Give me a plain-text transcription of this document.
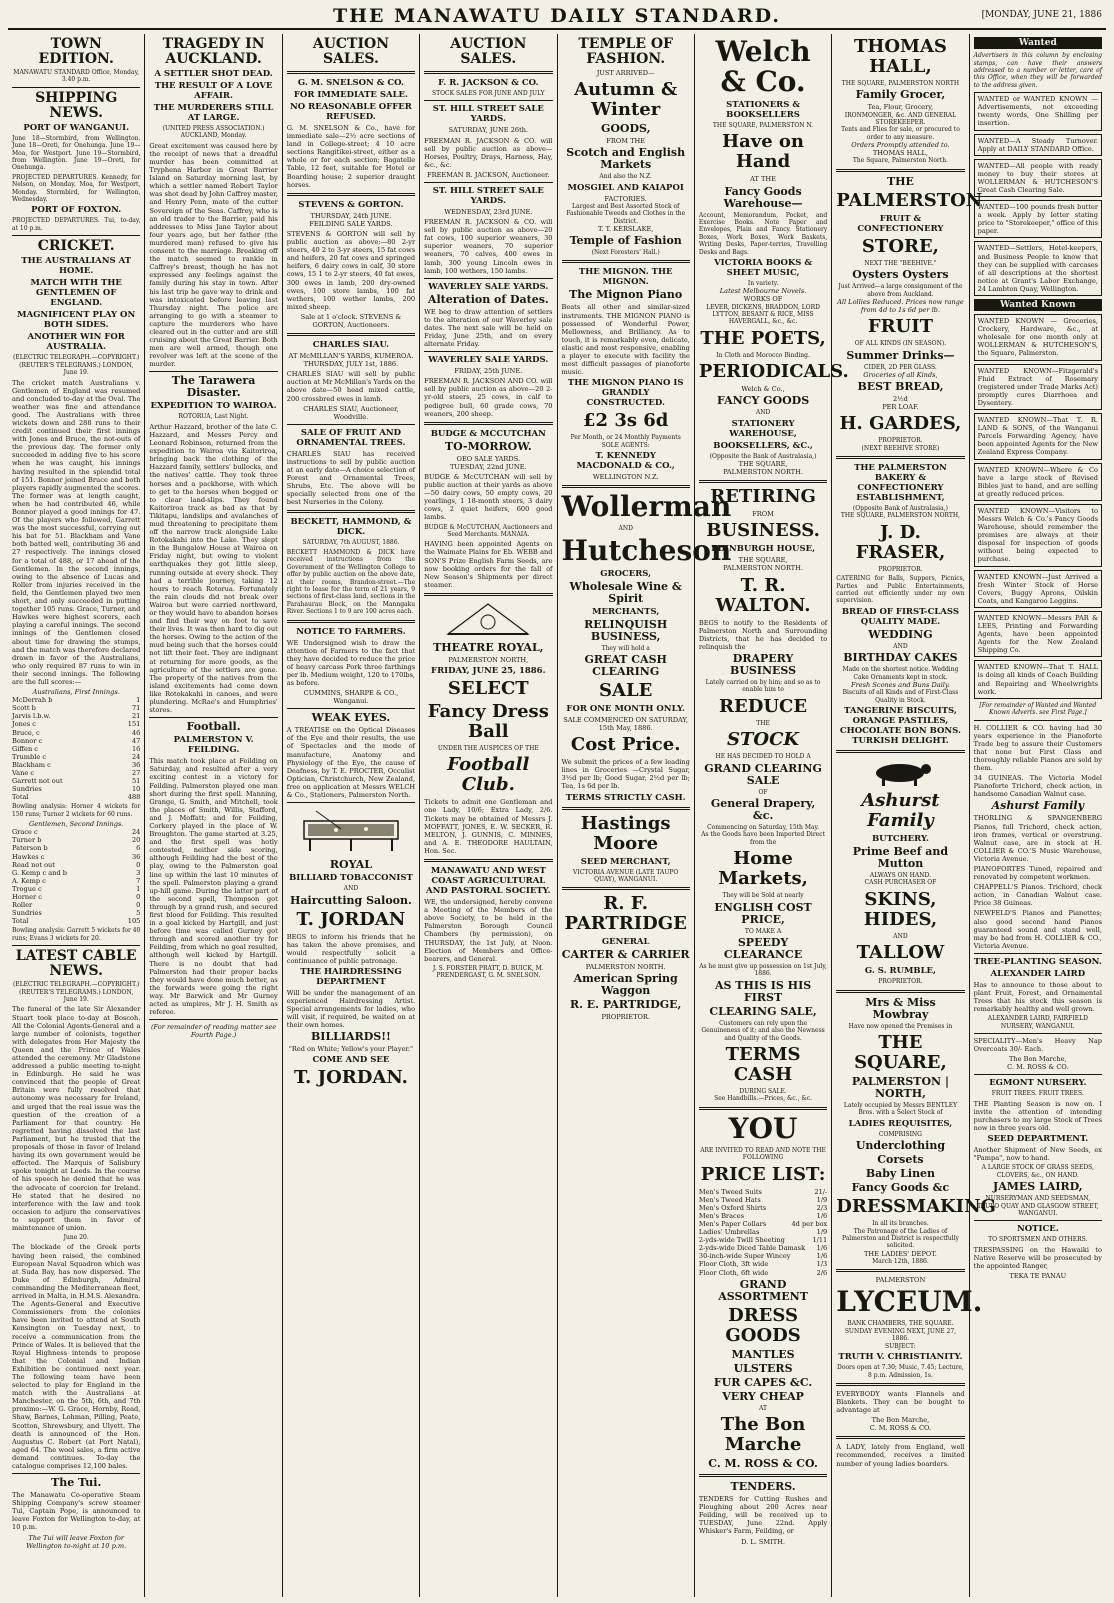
THE MANAWATU DAILY STANDARD.	[MONDAY, JUNE 21, 1886
TOWN EDITION.
MANAWATU STANDARD Office, Monday, 3.40 p.m.
SHIPPING NEWS.
PORT OF WANGANUI.
June 18—Stormbird, from Wellington. June 18—Oreti, for Onehunga. June 19—Moa, for Westport. June 19—Stormbird, from Wellington. June 19—Oreti, for Onehunga.
PROJECTED DEPARTURES. Kennedy, for Nelson, on Monday. Moa, for Westport, Monday. Stormbird, for Wellington, Wednesday.
PORT OF FOXTON.
PROJECTED DEPARTURES. Tui, to-day, at 10 p.m.
CRICKET.
THE AUSTRALIANS AT HOME.
MATCH WITH THE GENTLEMEN OF ENGLAND.
MAGNIFICENT PLAY ON BOTH SIDES.
ANOTHER WIN FOR AUSTRALIA.
(ELECTRIC TELEGRAPH.—COPYRIGHT.) (REUTER'S TELEGRAMS.) LONDON, June 19.
The cricket match Australians v. Gentlemen of England was resumed and concluded to-day at the Oval. The weather was fine and attendance good. The Australians with three wickets down and 288 runs to their credit continued their first innings with Jones and Bruce, the not-outs of the previous day. The former only succeeded in adding five to his score when he was caught, his innings having resulted in the splendid total of 151. Bonnor joined Bruce and both players rapidly augmented the scores. The former was at length caught, when he had contributed 46, while Bonnor played a good innings for 47. Of the players who followed, Garrett was the most successful, carrying out his bat for 51. Blackham and Vane both batted well, contributing 36 and 27 respectively. The innings closed for a total of 488, or 17 ahead of the Gentlemen. In the second innings, owing to the absence of Lucas and Roller from injuries received in the field, the Gentlemen played two men short, and only succeeded in putting together 105 runs. Grace, Turner, and Hawkes were highest scorers, each playing a careful innings. The second innings of the Gentlemen closed about time for drawing the stumps, and the match was therefore declared drawn in favor of the Australians, who only required 87 runs to win in their second innings. The following are the full scores:—
Australians, First Innings.
McDerrah b	1
Scott b	71
Jarvis l.b.w.	21
Jones c	151
Bruce, c	46
Bonnor c	47
Giffen c	16
Trumble c	24
Blackham c	36
Vane c	27
Garrett not out	51
Sundries	10
Total	488
Bowling analysis: Horner 4 wickets for 150 runs; Turner 2 wickets for 60 runs.
Gentlemen, Second Innings.
Grace c	24
Turner b	20
Paterson b	6
Hawkes c	36
Read not out	0
G. Kemp c and b	3
A. Kemp c	7
Trogue c	1
Horner c	0
Roller	0
Sundries	5
Total	105
Bowling analysis: Garrett 5 wickets for 40 runs; Evans 3 wickets for 20.
LATEST CABLE NEWS.
(ELECTRIC TELEGRAPH.—COPYRIGHT.) (REUTER'S TELEGRAMS.) LONDON, June 19.
The funeral of the late Sir Alexander Stuart took place to-day at Boscoh. All the Colonial Agents-General and a large number of colonists, together with delegates from Her Majesty the Queen and the Prince of Wales attended the ceremony. Mr Gladstone addressed a public meeting to-night in Edinburgh. He said he was convinced that the people of Great Britain were fully resolved that autonomy was necessary for Ireland, and urged that the real issue was the question of the creation of a Parliament for that country. He regretted having dissolved the last Parliament, but he trusted that the proposals of those in favor of Ireland having its own government would be effected. The Marquis of Salisbury spoke tonight at Leeds. In the course of his speech he denied that he was the advocate of coercion for Ireland. He stated that he desired no interference with the law and took occasion to adjure the conservatives to support them in favor of maintenance of union.
June 20.
The blockade of the Greek ports having been raised, the combined European Naval Squadron which was at Suda Bay, has now dispersed. The Duke of Edinburgh, Admiral commanding the Mediterranean fleet, arrived in Malta, in H.M.S. Alexandra. The Agents-General and Executive Commissioners from the colonies have been invited to attend at South Kensington on Tuesday next, to receive a communication from the Prince of Wales. It is believed that the Royal Highness intends to propose that the Colonial and Indian Exhibition be continued next year. The following team have been selected to play for England in the match with the Australians at Manchester, on the 5th, 6th, and 7th proximo:—W. G. Grace, Hornby, Read, Shaw, Barnes, Lohman, Pilling, Peate, Scotton, Shrewsbury, and Ulyett. The death is announced of the Hon. Augustus C. Robert (at Port Natal), aged 64. The wool sales, a firm active demand continues. To-day the catalogue comprises 12,100 bales.
The Tui.
The Manawatu Co-operative Steam Shipping Company's screw steamer Tui, Captain Pope, is announced to leave Foxton for Wellington to-day, at 10 p.m.
The Tui will leave Foxton for Wellington to-night at 10 p.m.
TRAGEDY IN AUCKLAND.
A SETTLER SHOT DEAD.
THE RESULT OF A LOVE AFFAIR.
THE MURDERERS STILL AT LARGE.
(UNITED PRESS ASSOCIATION.) AUCKLAND, Monday.
Great excitement was caused here by the receipt of news that a dreadful murder has been committed at Tryphena Harbor in Great Barrier Island on Saturday morning last, by which a settler named Robert Taylor was shot dead by John Caffrey master, and Henry Penn, mate of the cutter Sovereign of the Seas. Caffrey, who is an old trader to the Barrier, paid his addresses to Miss Jane Taylor about four years ago, but her father (the murdered man) refused to give his consent to the marriage. Breaking off the match seemed to rankle in Caffrey's breast, though he has not expressed any feelings against the family during his stay in town. After his last trip he gave way to drink and was intoxicated before leaving last Thursday night. The police are arranging to go with a steamer to capture the murderers who have cleared out in the cutter and are still cruising about the Great Barrier. Both men are well armed, though one revolver was left at the scene of the murder.
The Tarawera Disaster.
EXPEDITION TO WAIROA.
ROTORUA, Last Night.
Arthur Hazzard, brother of the late C. Hazzard, and Messrs Percy and Leonard Robinson, returned from the expedition to Wairoa via Kaitoriroa, bringing back the clothing of the Hazzard family, settlers' bullocks, and the natives' cattle. They took three horses and a packhorse, with which to get to the horses when bogged or to clear land-slips. They found Kaitoriroa track as bad as that by Tikitapu, landslips and avalanches of mud threatening to precipitate them off the narrow track alongside Lake Rotokakahi into the Lake. They slept in the Bungalow House at Wairoa on Friday night, but owing to violent earthquakes they got little sleep, running outside at every shock. They had a terrible journey, taking 12 hours to reach Rotorua. Fortunately the rain clouds did not break over Wairoa but were carried northward, or they would have to abandon horses and find their way on foot to save their lives. It was then hard to dig out the horses. Owing to the action of the mud being such that the horses could not lift their feet. They are indignant at returning for more goods, as the agriculture of the settlers are gone. The property of the natives from the island excitements had come down like Rotokakahi in canoes, and were plundering. McRae's and Humphries' stores.
Football.
PALMERSTON V. FEILDING.
This match took place at Feilding on Saturday, and resulted after a very exciting contest in a victory for Feilding. Palmerston played one man short during the first spell. Manning, Grange, G. Smith, and Mitchell, took the places of Smith, Willis, Stafford, and J. Moffatt; and for Feilding, Corkery played in the place of W. Broughton. The game started at 3.25, and the first spell was hotly contested, neither side scoring, although Feilding had the best of the play, owing to the Palmerston goal line up within the last 10 minutes of the spell. Palmerston playing a grand up-hill game. During the latter part of the second spell, Thompson got through by a grand rush, and secured first blood for Feilding. This resulted in a goal kicked by Hartgill, and just before time was called Gurney got through and scored another try for Feilding, from which no goal resulted, although well kicked by Hartgill. There is no doubt that had Palmerston had their proper backs they would have done much better, as the forwards were going the right way. Mr Barwick and Mr Gurney acted as umpires, Mr J. H. Smith as referee.
(For remainder of reading matter see Fourth Page.)
AUCTION SALES.
G. M. SNELSON & CO.
FOR IMMEDIATE SALE.
NO REASONABLE OFFER REFUSED.
G. M. SNELSON & Co., have for immediate sale—2½ acre sections of land in College-street; 4 10 acre sections Rangitikei-street, either as a whole or for each section; Bagatelle Table, 12 feet, suitable for Hotel or Boarding house; 2 superior draught horses.
STEVENS & GORTON.
THURSDAY, 24th JUNE.
FEILDING SALE YARDS.
STEVENS & GORTON will sell by public auction as above:—80 2-yr steers, 40 2 to 3-yr steers, 15 fat cows and heifers, 20 fat cows and springed heifers, 6 dairy cows in calf, 30 store cows, 15 1 to 2-yr steers, 40 fat ewes, 300 ewes in lamb, 200 dry-owned ewes, 100 store lambs, 100 fat wethers, 100 wether lambs, 200 mixed sheep.
Sale at 1 o'clock. STEVENS & GORTON, Auctioneers.
CHARLES SIAU.
AT McMILLAN'S YARDS, KUMEROA.
THURSDAY, JULY 1st, 1886.
CHARLES SIAU will sell by public auction at Mr McMillan's Yards on the above date—50 head mixed cattle, 200 crossbred ewes in lamb.
CHARLES SIAU, Auctioneer, Woodville.
SALE OF FRUIT AND ORNAMENTAL TREES.
CHARLES SIAU has received instructions to sell by public auction at an early date—A choice selection of Forest and Ornamental Trees, Shrubs, Etc. The above will be specially selected from one of the best Nurseries in the Colony.
BECKETT, HAMMOND, & DICK.
SATURDAY, 7th AUGUST, 1886.
BECKETT HAMMOND & DICK have received instructions from the Government of the Wellington College to offer by public auction on the above date, at their rooms, Brandon-street.—The right to lease for the term of 21 years, 9 sections of first-class land, sections in the Parahaurau Block, on the Manngaku River. Sections 1 to 9 are 100 acres each.
NOTICE TO FARMERS.
WE Undersigned wish to draw the attention of Farmers to the fact that they have decided to reduce the price of heavy carcass Pork three farthings per lb. Medium weight, 120 to 170lbs, as before.
CUMMINS, SHARPE & CO., Wanganui.
WEAK EYES.
A TREATISE on the Optical Diseases of the Eye and their results, the use of Spectacles and the mode of manufacture, Anatomy and Physiology of the Eye, the cause of Deafness, by T. E. PROCTER, Occulist Optician, Christchurch, New Zealand, free on application at Messrs WELCH & Co., Stationers, Palmerston North.
ROYAL
BILLIARD TOBACCONIST
AND
Haircutting Saloon.
T. JORDAN
BEGS to inform his friends that he has taken the above premises, and would respectfully solicit a continuance of public patronage.
THE HAIRDRESSING DEPARTMENT
Will be under the management of an experienced Hairdressing Artist. Special arrangements for ladies, who will visit, if required, be waited on at their own homes.
BILLIARDS!!
"Red on White; Yellow's your Player."
COME AND SEE
T. JORDAN.
AUCTION SALES.
F. R. JACKSON & CO.
STOCK SALES FOR JUNE AND JULY
ST. HILL STREET SALE YARDS.
SATURDAY, JUNE 26th.
FREEMAN R. JACKSON & CO. will sell by public auction as above—Horses, Poultry, Drays, Harness, Hay, &c., &c.
FREEMAN R. JACKSON, Auctioneer.
ST. HILL STREET SALE YARDS.
WEDNESDAY, 23rd JUNE.
FREEMAN R. JACKSON & CO. will sell by public auction as above—20 fat cows, 100 superior weaners, 30 superior weaners, 70 superior weaners, 70 calves, 400 ewes in lamb, 300 young Lincoln ewes in lamb, 100 wethers, 150 lambs.
WAVERLEY SALE YARDS.
Alteration of Dates.
WE beg to draw attention of settlers to the alteration of our Waverley sale dates. The next sale will be held on Friday, June 25th, and on every alternate Friday.
WAVERLEY SALE YARDS.
FRIDAY, 25th JUNE.
FREEMAN R. JACKSON AND CO. will sell by public auction as above—20 2-yr-old steers, 25 cows, in calf to pedigree bull, 60 grade cows, 70 weaners, 200 sheep.
BUDGE & MCCUTCHAN
TO-MORROW.
OEO SALE YARDS.
TUESDAY, 22nd JUNE.
BUDGE & McCUTCHAN will sell by public auction at their yards as above—50 dairy cows, 50 empty cows, 20 yearlings, 1 18-month steers, 3 dairy cows, 2 quiet heifers, 600 good lambs.
BUDGE & McCUTCHAN, Auctioneers and Seed Merchants. MANAIA.
HAVING been appointed Agents on the Waimate Plains for Eb. WEBB and SON'S Prize English Farm Seeds, are now booking orders for the fall of New Season's Shipments per direct steamer.
THEATRE ROYAL,
PALMERSTON NORTH,
FRIDAY, JUNE 25, 1886.
SELECT
Fancy Dress Ball
UNDER THE AUSPICES OF THE
Football Club.
Tickets to admit one Gentleman and one Lady, 10/6; Extra Lady, 2/6. Tickets may be obtained of Messrs J. MOFFATT, JONES, E. W. SECKER, R. MELTON, J. GUNNIS, C. MINNES, and A. E. THEODORE HAULTAIN, Hon. Sec.
MANAWATU AND WEST COAST AGRICULTURAL AND PASTORAL SOCIETY.
WE, the undersigned, hereby convene a Meeting of the Members of the above Society, to be held in the Palmerston Borough Council Chambers (by permission), on THURSDAY, the 1st July, at Noon. Election of Members and Office-bearers, and General.
J. S. FORSTER PRATT, D. BUICK, M. PRENDERGAST, G. M. SNELSON.
TEMPLE OF FASHION.
JUST ARRIVED—
Autumn & Winter
GOODS,
FROM THE
Scotch and English Markets
And also the N.Z.
MOSGIEL AND KAIAPOI
FACTORIES.
Largest and Best Assorted Stock of Fashionable Tweeds and Clothes in the District.
T. T. KERSLAKE,
Temple of Fashion
(Next Foresters' Hall.)
THE MIGNON. THE MIGNON.
The Mignon Piano
Beats all other and similar-sized instruments. THE MIGNON PIANO is possessed of Wonderful Power, Mellowness, and Brilliancy. As to touch, it is remarkably even, delicate, elastic and most responsive, enabling a player to execute with facility the most difficult passages of pianoforte music.
THE MIGNON PIANO IS GRANDLY CONSTRUCTED.
£2 3s 6d
Per Month, or 24 Monthly Payments
SOLE AGENTS:
T. KENNEDY MACDONALD & CO.,
WELLINGTON N.Z.
Wollerman
AND
Hutcheson
GROCERS,
Wholesale Wine & Spirit
MERCHANTS,
RELINQUISH BUSINESS,
They will hold a
GREAT CASH CLEARING
SALE
FOR ONE MONTH ONLY.
SALE COMMENCED ON SATURDAY, 15th May, 1886.
Cost Price.
We submit the prices of a few leading lines in Groceries —Crystal Sugar, 3½d per lb; Good Sugar, 2½d per lb; Tea, 1s 6d per lb.
TERMS STRICTLY CASH.
Hastings Moore
SEED MERCHANT,
VICTORIA AVENUE (LATE TAUPO QUAY), WANGANUI.
R. F. PARTRIDGE
GENERAL
CARTER & CARRIER
PALMERSTON NORTH.
American Spring Waggon
R. E. PARTRIDGE,
PROPRIETOR.
Welch & Co.
STATIONERS & BOOKSELLERS
THE SQUARE, PALMERSTON N.
Have on Hand
AT THE
Fancy Goods Warehouse—
Account, Memorandum, Pocket, and Exercise Books. Note Paper and Envelopes, Plain and Fancy. Stationery Boxes, Work Boxes, Work Baskets, Writing Desks, Paper-terries, Travelling Desks and Bags.
VICTORIA BOOKS & SHEET MUSIC,
In variety.
Latest Melbourne Novels.
WORKS OF
LEVER, DICKENS, BRADDON, LORD LYTTON, BESANT & RICE, MISS HAVERGALL, &c., &c.
THE POETS,
In Cloth and Morocco Binding.
PERIODICALS.
Welch & Co.,
FANCY GOODS
AND
STATIONERY WAREHOUSE,
BOOKSELLERS, &C.,
(Opposite the Bank of Australasia,)
THE SQUARE,
PALMERSTON NORTH.
RETIRING
FROM
BUSINESS.
EDINBURGH HOUSE,
THE SQUARE,
PALMERSTON NORTH.
T. R. WALTON.
BEGS to notify to the Residents of Palmerston North and Surrounding Districts, that he has decided to relinquish the
DRAPERY BUSINESS
Lately carried on by him; and so as to enable him to
REDUCE
THE
STOCK
HE HAS DECIDED TO HOLD A
GRAND CLEARING SALE
OF
General Drapery, &c.
Commencing on Saturday, 15th May.
As the Goods have been Imported Direct from the
Home Markets,
They will be Sold at nearly
ENGLISH COST PRICE,
TO MAKE A
SPEEDY CLEARANCE
As he must give up possession on 1st July, 1886.
AS THIS IS HIS FIRST
CLEARING SALE,
Customers can rely upon the Genuineness of it; and also the Newness and Quality of the Goods.
TERMS CASH
DURING SALE.
See Handbills.—Prices, &c., &c.
YOU
ARE INVITED TO READ AND NOTE THE FOLLOWING
PRICE LIST:
Men's Tweed Suits	21/-
Men's Tweed Hats	1/9
Men's Oxford Shirts	2/3
Men's Braces	1/6
Men's Paper Collars	4d per box
Ladies' Umbrellas	1/9
2-yds-wide Twill Sheeting	1/11
2-yds-wide Diced Table Damask 1/6
30-inch-wide Super Wincey	1/6
Floor Cloth, 3ft wide	1/3
Floor Cloth, 6ft wide	2/6
GRAND ASSORTMENT
DRESS GOODS
MANTLES
ULSTERS
FUR CAPES &C.
VERY CHEAP
AT
The Bon Marche
C. M. ROSS & CO.
TENDERS.
TENDERS for Cutting Rushes and Ploughing about 200 Acres near Feilding, will be received up to TUESDAY, June 22nd. Apply Whisker's Farm, Feilding, or
D. L. SMITH.
THOMAS HALL,
THE SQUARE, PALMERSTON NORTH
Family Grocer,
Tea, Flour, Grocery,
IRONMONGER, &c. AND GENERAL STOREKEEPER.
Tents and Flies for sale, or procured to order to any measure.
Orders Promptly attended to.
THOMAS HALL,
The Square, Palmerston North.
THE
PALMERSTON
FRUIT & CONFECTIONERY
STORE,
NEXT THE "BEEHIVE."
Oysters Oysters
Just Arrived—a large consignment of the above from Auckland.
All Lollies Reduced. Prices now range from 4d to 1s 6d per lb.
FRUIT
OF ALL KINDS (IN SEASON).
Summer Drinks—
CIDER, 2D PER GLASS.
Groceries of all Kinds,
BEST BREAD,
2½d
PER LOAF.
H. GARDES,
PROPRIETOR.
(NEXT BEEHIVE STORE)
THE PALMERSTON BAKERY & CONFECTIONERY ESTABLISHMENT,
(Opposite Bank of Australasia,)
THE SQUARE, PALMERSTON NORTH,
J. D. FRASER,
PROPRIETOR.
CATERING for Balls, Suppers, Picnics, Parties and Public Entertainments, carried out efficiently under my own supervision.
BREAD OF FIRST-CLASS QUALITY MADE.
WEDDING
AND
BIRTHDAY CAKES
Made on the shortest notice. Wedding Cake Ornaments kept in stock.
Fresh Scones and Buns Daily.
Biscuits of all Kinds and of First-Class Quality in Stock.
TANGERINE BISCUITS, ORANGE PASTILES, CHOCOLATE BON BONS. TURKISH DELIGHT.
Ashurst Family
BUTCHERY.
Prime Beef and Mutton
ALWAYS ON HAND.
CASH PURCHASER OF
SKINS, HIDES,
AND
TALLOW
G. S. RUMBLE,
PROPRIETOR.
Mrs & Miss Mowbray
Have now opened the Premises in
THE SQUARE,
PALMERSTON | NORTH,
Lately occupied by Messrs BENTLEY Bros. with a Select Stock of
LADIES REQUISITES,
COMPRISING
Underclothing
Corsets
Baby Linen
Fancy Goods &c
DRESSMAKING
In all its branches.
The Patronage of the Ladies of Palmerston and District is respectfully solicited.
THE LADIES' DEPOT.
March 12th, 1886.
PALMERSTON
LYCEUM.
BANK CHAMBERS, THE SQUARE.
SUNDAY EVENING NEXT, JUNE 27, 1886.
SUBJECT:
TRUTH V. CHRISTIANITY.
Doors open at 7.30; Music, 7.45; Lecture, 8 p.m. Admission, 1s.
EVERYBODY wants Flannels and Blankets. They can be bought to advantage at
The Bon Marche,
C. M. ROSS & CO.
A LADY, lately from England, well recommended, receives a limited number of young ladies boarders.
Wanted
Advertisers in this column by enclosing stamps, can have their answers addressed to a number or letter, care of this Office, when they will be forwarded to the address given.
WANTED or WANTED KNOWN — Advertisements, not exceeding twenty words, One Shilling per insertion.
WANTED—A Steady Turnover. Apply at DAILY STANDARD Office.
WANTED—All people with ready money to buy their stores at WOLLERMAN & HUTCHESON'S Great Cash Clearing Sale.
WANTED—100 pounds fresh butter a week. Apply by letter stating price to "Storekeeper," office of this paper.
WANTED—Settlers, Hotel-keepers, and Business People to know that they can be supplied with carcases of all descriptions at the shortest notice at Grant's Labor Exchange, 24 Lambton Quay, Wellington.
Wanted Known
WANTED KNOWN — Groceries, Crockery, Hardware, &c., at wholesale for one month only at WOLLERMAN & HUTCHESON'S, the Square, Palmerston.
WANTED KNOWN—Fitzgerald's Fluid Extract of Rosemary (registered under Trade Marks Act) promptly cures Diarrhoea and Dysentery.
WANTED KNOWN—That T. R. LAND & SONS, of the Wanganui Parcels Forwarding Agency, have been appointed Agents for the New Zealand Express Company.
WANTED KNOWN—Where & Co have a large stock of Revised Bibles just to hand, and are selling at greatly reduced prices.
WANTED KNOWN—Visitors to Messrs Welch & Co.'s Fancy Goods Warehouse, should remember the premises are always at their disposal for inspection of goods without being expected to purchase.
WANTED KNOWN—Just Arrived a fresh Winter Stock of Horse Covers, Buggy Aprons, Oilskin Coats, and Kangaroo Leggins.
WANTED KNOWN—Messrs PAR & LEES, Printing and Forwarding Agents, have been appointed Agents for the New Zealand Shipping Co.
WANTED KNOWN—That T. HALL is doing all kinds of Coach Building and Repairing and Wheelwrights work.
[For remainder of Wanted and Wanted Known Adverts. see First Page.]
H. COLLIER & CO. having had 30 years experience in the Pianoforte Trade beg to assure their Customers that none but First Class and thoroughly reliable Pianos are sold by them.
34 GUINEAS. The Victoria Model Pianoforte Trichord, check action, in handsome Canadian Walnut case.
Ashurst Family
THORLING & SPANGENBERG Pianos, full Trichord, check action, iron frames, vertical or overstrung. Walnut case, are in stock at H. COLLIER & CO.'S Music Warehouse, Victoria Avenue.
PIANOFORTES Tuned, repaired and renovated by competent workmen.
CHAPPELL'S Pianos. Trichord, check action, in Canadian Walnut case. Price 38 Guineas.
NEWFELD'S Pianos and Pianettes; also good second hand Pianos guaranteed sound and stand well, may be had from H. COLLIER & CO., Victoria Avenue.
TREE-PLANTING SEASON.
ALEXANDER LAIRD
Has to announce to those about to plant Fruit, Forest, and Ornamental Trees that his stock this season is remarkably healthy and well grown.
ALEXANDER LAIRD, FAIRFIELD NURSERY, WANGANUI.
SPECIALITY—Men's Heavy Nap Overcoats 30/- Each.
The Bon Marche,
C. M. ROSS & CO.
EGMONT NURSERY.
FRUIT TREES. FRUIT TREES.
THE Planting Season is now on. I invite the attention of intending purchasers to my large Stock of Trees now in three years old.
SEED DEPARTMENT.
Another Shipment of New Seeds, ex "Pampa", now to hand.
A LARGE STOCK OF GRASS SEEDS, CLOVERS, &c., ON HAND.
JAMES LAIRD,
NURSERYMAN AND SEEDSMAN,
TAUPO QUAY AND GLASGOW STREET, WANGANUI.
NOTICE.
TO SPORTSMEN AND OTHERS.
TRESPASSING on the Hawaiki to Native Reserve will be prosecuted by the appointed Ranger,
TEKA TE PANAU
